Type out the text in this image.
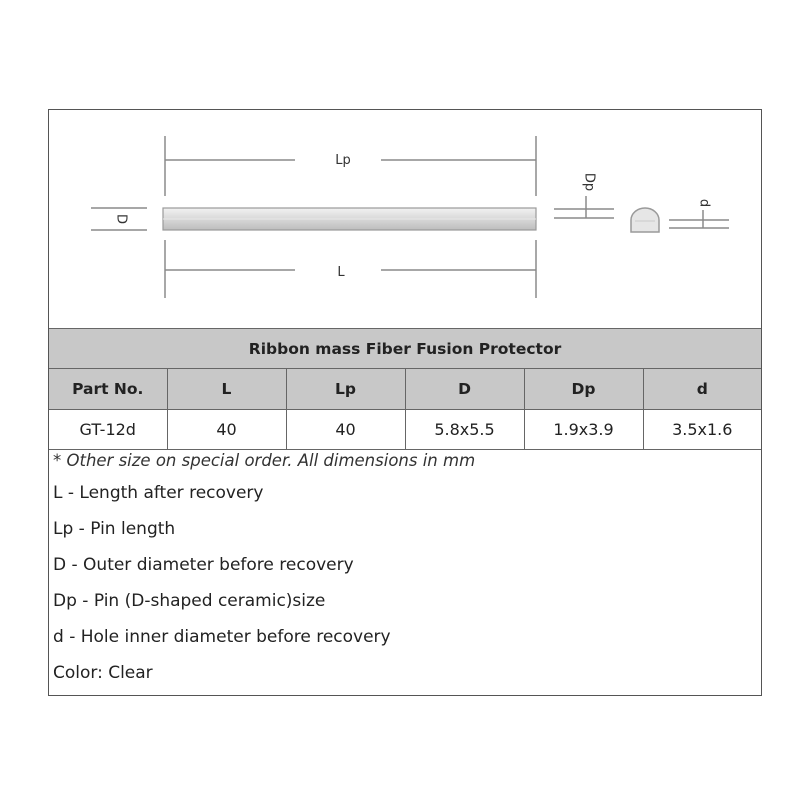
Lp
D
L
Dp
d
Ribbon mass Fiber Fusion Protector					
Part No.	L	Lp	D	Dp	d
GT-12d	40	40	5.8x5.5	1.9x3.9	3.5x1.6
* Other size on special order. All dimensions in mm
L - Length after recovery
Lp - Pin length
D - Outer diameter before recovery
Dp - Pin (D-shaped ceramic)size
d - Hole inner diameter before recovery
Color: Clear
